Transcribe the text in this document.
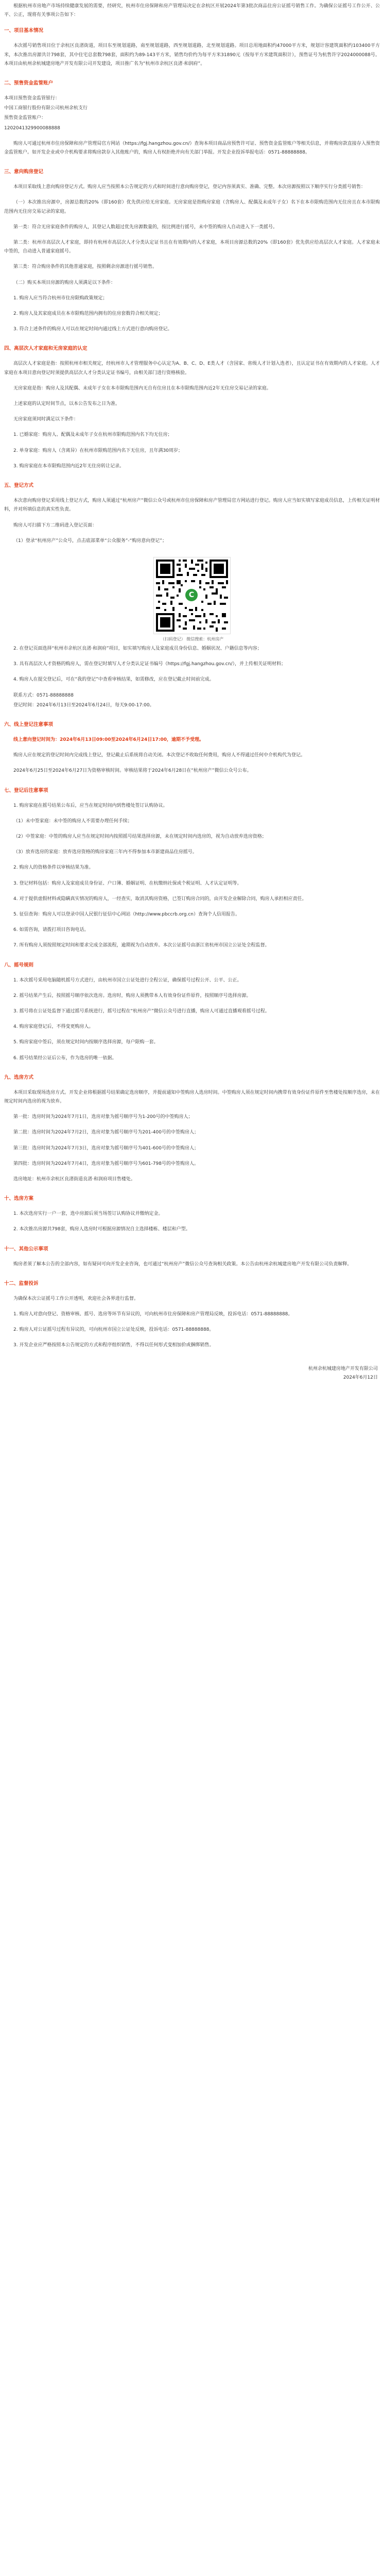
根据杭州市房地产市场持续健康发展的需要，经研究，杭州市住房保障和房产管理局决定在余杭区开展2024年第3批次商品住房公证摇号销售工作。为确保公证摇号工作公开、公平、公正，现将有关事项公告如下：

一、项目基本情况

本次摇号销售项目位于余杭区良渚街道，项目东至规划道路，南至规划道路，西至规划道路，北至规划道路。项目总用地面积约47000平方米，规划计容建筑面积约103400平方米，本次推出房源共计798套，其中住宅总套数798套，面积约为89-143平方米，销售均价约为每平方米31890元（按每平方米建筑面积计），预售证号为杭售许字2024000088号。本项目由杭州余杭城建房地产开发有限公司开发建设，项目推广名为“杭州市余杭区良渚·和润府”。

二、预售资金监管账户

本项目预售资金监管银行：

中国工商银行股份有限公司杭州余杭支行

预售资金监管账户：

1202041329900088888

购房人可通过杭州市住房保障和房产管理局官方网站（https://fgj.hangzhou.gov.cn/）查询本项目商品房预售许可证、预售资金监管账户等相关信息，并将购房款直接存入预售资金监管账户。如开发企业或中介机构要求将购房款存入其他账户的，购房人有权拒绝并向有关部门举报。开发企业投诉举报电话：0571-88888888。

三、意向购房登记

本项目采取线上意向购房登记方式。购房人应当按照本公告规定的方式和时间进行意向购房登记，登记内容须真实、准确、完整。本次房源按照以下顺序实行分类摇号销售：

（一）本次推出房源中，房源总数的20%（即160套）优先供应给无房家庭。无房家庭是指购房家庭（含购房人、配偶及未成年子女）名下在本市限购范围内无住房且在本市限购范围内无住房交易记录的家庭。

第一类：符合无房家庭条件的购房人，其登记人数超过优先房源数量的，按比例进行摇号，未中签的购房人自动进入下一类摇号。

第二类：杭州市高层次人才家庭，即持有杭州市高层次人才分类认定证书且在有效期内的人才家庭，本项目房源总数的20%（即160套）优先供应给高层次人才家庭。人才家庭未中签的，自动进入普通家庭摇号。

第三类：符合购房条件的其他普通家庭，按照剩余房源进行摇号销售。

（二）购买本项目房源的购房人须满足以下条件：

1. 购房人应当符合杭州市住房限购政策规定；

2. 购房人及其家庭成员在本市限购范围内拥有的住房套数符合相关规定；

3. 符合上述条件的购房人可以在规定时间内通过线上方式进行意向购房登记。

四、高层次人才家庭和无房家庭的认定

高层次人才家庭是指：按照杭州市相关规定，经杭州市人才管理服务中心认定为A、B、C、D、E类人才（含国家、省级人才计划入选者），且认定证书在有效期内的人才家庭。人才家庭在本项目意向登记时须提供高层次人才分类认定证书编号，由相关部门进行资格核验。

无房家庭是指：购房人及其配偶、未成年子女在本市限购范围内无自有住房且在本市限购范围内近2年无住房交易记录的家庭。

上述家庭的认定时间节点，以本公告发布之日为准。

无房家庭须同时满足以下条件：

1. 已婚家庭：购房人、配偶及未成年子女在杭州市限购范围内名下均无住房；

2. 单身家庭：购房人（含离异）在杭州市限购范围内名下无住房，且年满30周岁；

3. 购房家庭在本市限购范围内近2年无住房转让记录。

五、登记方式

本次意向购房登记采用线上登记方式，购房人须通过“杭州房产”微信公众号或杭州市住房保障和房产管理局官方网站进行登记。购房人应当如实填写家庭成员信息，上传相关证明材料，并对所填信息的真实性负责。

购房人可扫描下方二维码进入登记页面：

（1）登录“杭州房产”公众号，点击底部菜单“公众服务”-“购房意向登记”；

C
（扫码登记） 微信搜索：杭州房产

2. 在登记页面选择“杭州市余杭区良渚·和润府”项目，如实填写购房人及家庭成员身份信息、婚姻状况、户籍信息等内容；

3. 具有高层次人才资格的购房人，需在登记时填写人才分类认定证书编号（https://fgj.hangzhou.gov.cn/），并上传相关证明材料；

4. 购房人在提交登记后，可在“我的登记”中查看审核结果，如需修改，应在登记截止时间前完成。

联系方式：0571-88888888

登记时间：2024年6月13日至2024年6月24日，每天9:00-17:00。

六、线上登记注意事项

线上意向登记时间为：2024年6月13日09:00至2024年6月24日17:00，逾期不予受理。

购房人应在规定的登记时间内完成线上登记，登记截止后系统将自动关闭。本次登记不收取任何费用，购房人不得通过任何中介机构代为登记。

2024年6月25日至2024年6月27日为资格审核时间。审核结果将于2024年6月28日在“杭州房产”微信公众号公布。

七、登记后注意事项

1. 购房家庭在摇号结果公布后，应当在规定时间内到售楼处签订认购协议。

（1）未中签家庭：未中签的购房人不需要办理任何手续；

（2）中签家庭：中签的购房人应当在规定时间内按照摇号结果选择房源，未在规定时间内选房的，视为自动放弃选房资格；

（3）放弃选房的家庭：放弃选房资格的购房家庭三年内不得参加本市新建商品住房摇号。

2. 购房人的资格条件以审核结果为准。

3. 登记材料包括：购房人及家庭成员身份证、户口簿、婚姻证明、在杭缴纳社保或个税证明、人才认定证明等。

4. 对于提供虚假材料或隐瞒真实情况的购房人，一经查实，取消其购房资格，已签订购房合同的，由开发企业解除合同，购房人承担相应责任。

5. 征信查询：购房人可以登录中国人民银行征信中心网站（http://www.pbccrb.org.cn）查询个人信用报告。

6. 如需咨询，请拨打项目咨询电话。

7. 所有购房人须按照规定时间和要求完成全部流程，逾期视为自动放弃。本次公证摇号由浙江省杭州市国立公证处全程监督。

八、摇号规则

1. 本次摇号采用电脑随机摇号方式进行，由杭州市国立公证处进行全程公证，确保摇号过程公开、公平、公正。

2. 摇号结果产生后，按照摇号顺序依次选房。选房时，购房人须携带本人有效身份证件原件，按照顺序号选择房源。

3. 摇号将在公证处监督下通过摇号系统进行，摇号过程在“杭州房产”微信公众号进行直播，购房人可通过直播观看摇号过程。

4. 购房家庭登记后，不得变更购房人。

5. 购房家庭中签后，须在规定时间内按顺序选择房源，每户限购一套。

6. 摇号结果经公证后公布，作为选房的唯一依据。

九、选房方式

本项目采取现场选房方式。开发企业将根据摇号结果确定选房顺序，并提前通知中签购房人选房时间。中签购房人须在规定时间内携带有效身份证件原件至售楼处按顺序选房，未在规定时间内选房的视为放弃。

第一批：选房时间为2024年7月1日，选房对象为摇号顺序号为1-200号的中签购房人；

第二批：选房时间为2024年7月2日，选房对象为摇号顺序号为201-400号的中签购房人；

第三批：选房时间为2024年7月3日，选房对象为摇号顺序号为401-600号的中签购房人；

第四批：选房时间为2024年7月4日，选房对象为摇号顺序号为601-798号的中签购房人。

选房地址：杭州市余杭区良渚街道良渚·和润府项目售楼处。

十、选房方案

1. 本次选房实行一户一套，选中房源后须当场签订认购协议并缴纳定金。

2. 本次推出房源共798套，购房人选房时可根据房源情况自主选择楼栋、楼层和户型。

十一、其他公示事项

购房者须了解本公告的全部内容，如有疑问可向开发企业咨询，也可通过“杭州房产”微信公众号查询相关政策。本公告由杭州余杭城建房地产开发有限公司负责解释。

十二、监督投诉

为确保本次公证摇号工作公开透明，欢迎社会各界进行监督。

1. 购房人对意向登记、资格审核、摇号、选房等环节有异议的，可向杭州市住房保障和房产管理局反映，投诉电话：0571-88888888。

2. 购房人对公证摇号过程有异议的，可向杭州市国立公证处反映，投诉电话：0571-88888888。

3. 开发企业应严格按照本公告规定的方式和程序组织销售，不得以任何形式变相加价或捆绑销售。

杭州余杭城建房地产开发有限公司
2024年6月12日
